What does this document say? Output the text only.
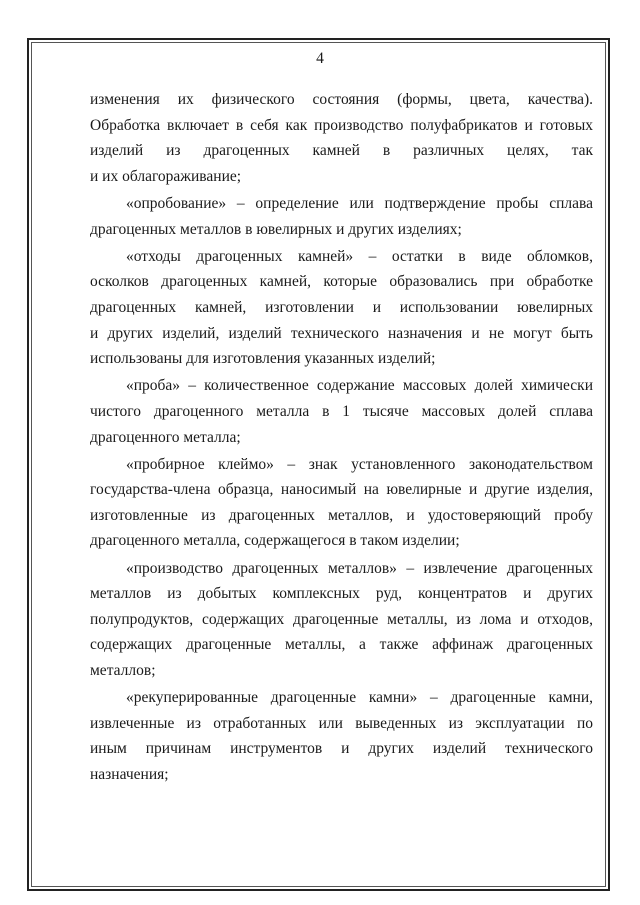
4
изменения их физического состояния (формы, цвета, качества).
Обработка включает в себя как производство полуфабрикатов и готовых
изделий из драгоценных камней в различных целях, так
и их облагораживание;
«опробование» – определение или подтверждение пробы сплава
драгоценных металлов в ювелирных и других изделиях;
«отходы драгоценных камней» – остатки в виде обломков,
осколков драгоценных камней, которые образовались при обработке
драгоценных камней, изготовлении и использовании ювелирных
и других изделий, изделий технического назначения и не могут быть
использованы для изготовления указанных изделий;
«проба» – количественное содержание массовых долей химически
чистого драгоценного металла в 1 тысяче массовых долей сплава
драгоценного металла;
«пробирное клеймо» – знак установленного законодательством
государства-члена образца, наносимый на ювелирные и другие изделия,
изготовленные из драгоценных металлов, и удостоверяющий пробу
драгоценного металла, содержащегося в таком изделии;
«производство драгоценных металлов» – извлечение драгоценных
металлов из добытых комплексных руд, концентратов и других
полупродуктов, содержащих драгоценные металлы, из лома и отходов,
содержащих драгоценные металлы, а также аффинаж драгоценных
металлов;
«рекуперированные драгоценные камни» – драгоценные камни,
извлеченные из отработанных или выведенных из эксплуатации по
иным причинам инструментов и других изделий технического
назначения;
